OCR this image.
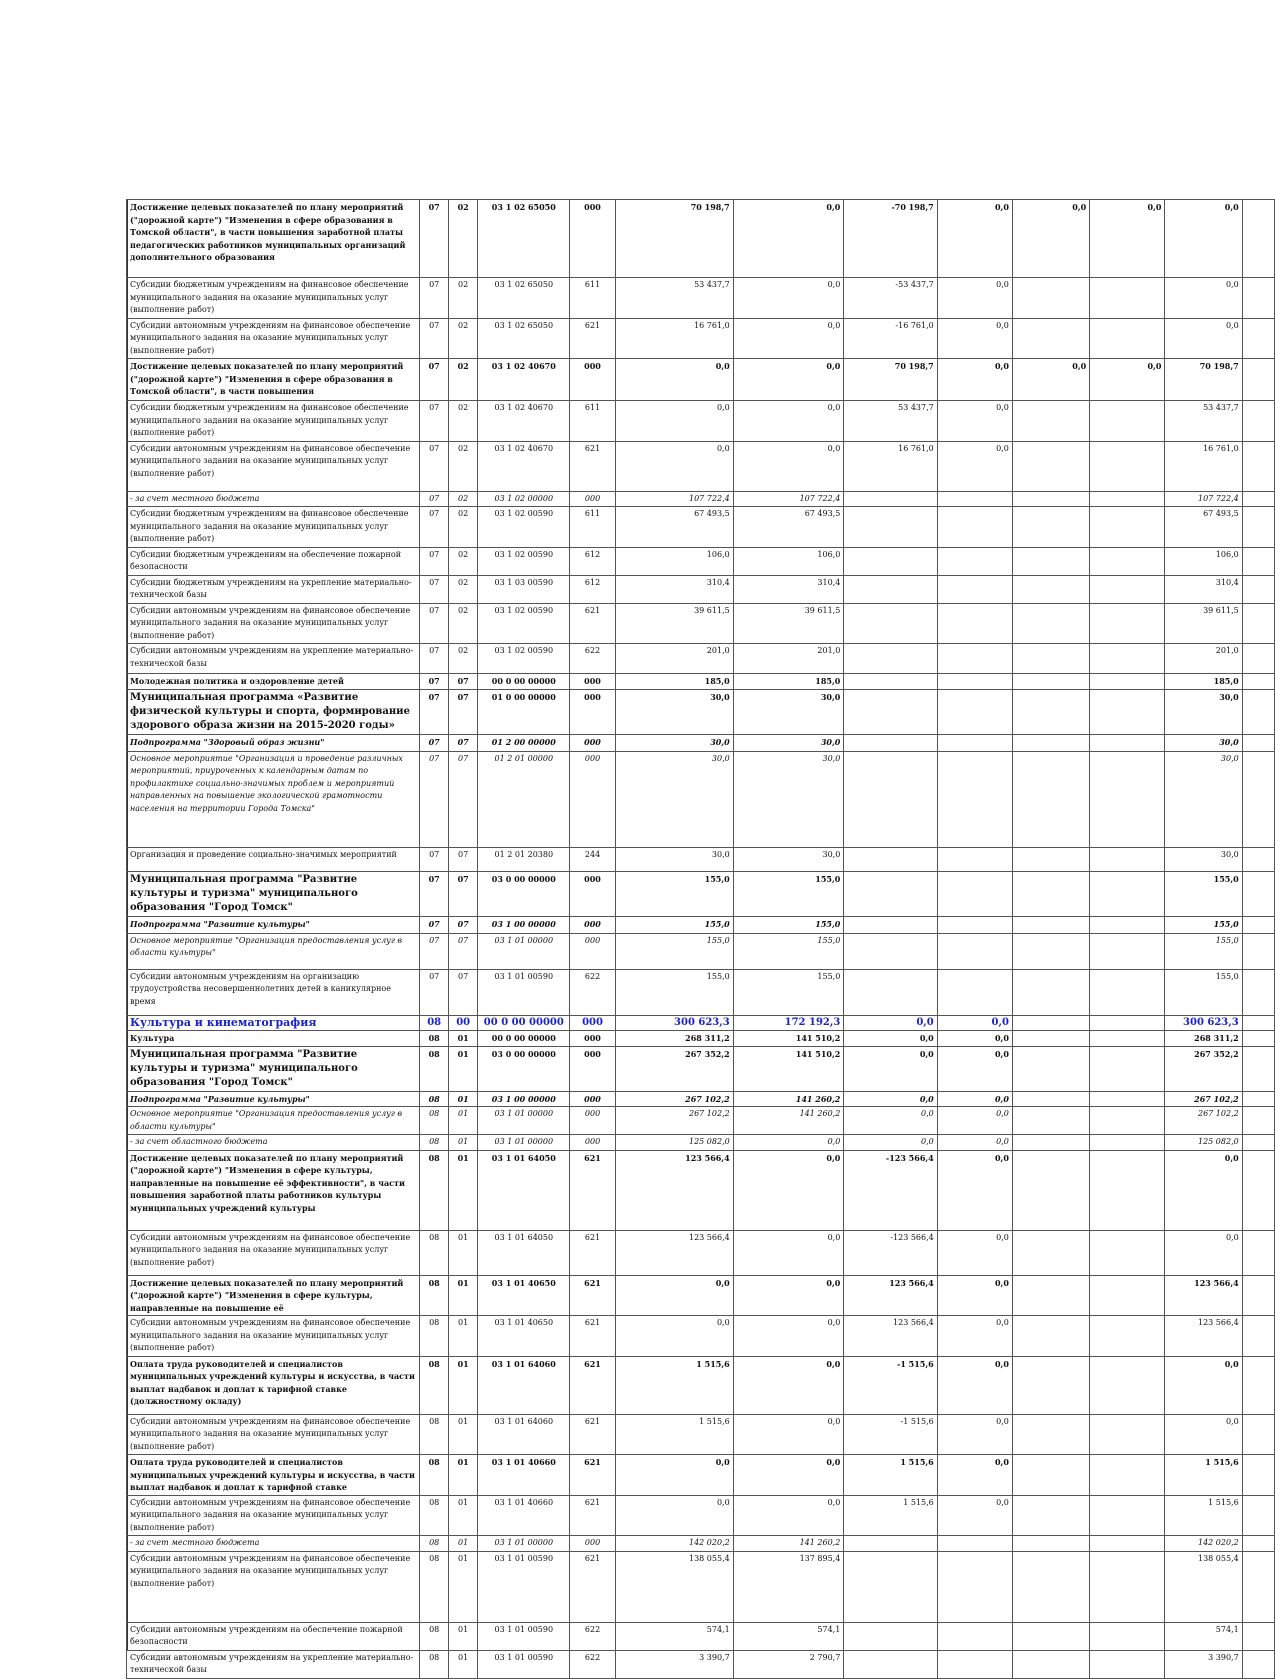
Достижение целевых показателей по плану мероприятий ("дорожной карте") "Изменения в сфере образования в Томской области", в части повышения заработной платы педагогических работников муниципальных организаций дополнительного образования	07	02	03 1 02 65050	000	70 198,7	0,0	-70 198,7	0,0	0,0	0,0	0,0	
Субсидии бюджетным учреждениям на финансовое обеспечение муниципального задания на оказание муниципальных услуг (выполнение работ)	07	02	03 1 02 65050	611	53 437,7	0,0	-53 437,7	0,0			0,0	
Субсидии автономным учреждениям на финансовое обеспечение муниципального задания на оказание муниципальных услуг (выполнение работ)	07	02	03 1 02 65050	621	16 761,0	0,0	-16 761,0	0,0			0,0	
Достижение целевых показателей по плану мероприятий ("дорожной карте") "Изменения в сфере образования в Томской области", в части повышения	07	02	03 1 02 40670	000	0,0	0,0	70 198,7	0,0	0,0	0,0	70 198,7	
Субсидии бюджетным учреждениям на финансовое обеспечение муниципального задания на оказание муниципальных услуг (выполнение работ)	07	02	03 1 02 40670	611	0,0	0,0	53 437,7	0,0			53 437,7	
Субсидии автономным учреждениям на финансовое обеспечение муниципального задания на оказание муниципальных услуг (выполнение работ)	07	02	03 1 02 40670	621	0,0	0,0	16 761,0	0,0			16 761,0	
- за счет местного бюджета	07	02	03 1 02 00000	000	107 722,4	107 722,4					107 722,4	
Субсидии бюджетным учреждениям на финансовое обеспечение муниципального задания на оказание муниципальных услуг (выполнение работ)	07	02	03 1 02 00590	611	67 493,5	67 493,5					67 493,5	
Субсидии бюджетным учреждениям на обеспечение пожарной безопасности	07	02	03 1 02 00590	612	106,0	106,0					106,0	
Субсидии бюджетным учреждениям на укрепление материально-технической базы	07	02	03 1 03 00590	612	310,4	310,4					310,4	
Субсидии автономным учреждениям на финансовое обеспечение муниципального задания на оказание муниципальных услуг (выполнение работ)	07	02	03 1 02 00590	621	39 611,5	39 611,5					39 611,5	
Субсидии автономным учреждениям на укрепление материально-технической базы	07	02	03 1 02 00590	622	201,0	201,0					201,0	
Молодежная политика и оздоровление детей	07	07	00 0 00 00000	000	185,0	185,0					185,0	
Муниципальная программа «Развитие физической культуры и спорта, формирование здорового образа жизни на 2015-2020 годы»	07	07	01 0 00 00000	000	30,0	30,0					30,0	
Подпрограмма "Здоровый образ жизни"	07	07	01 2 00 00000	000	30,0	30,0					30,0	
Основное мероприятие "Организация и проведение различных мероприятий, приуроченных к календарным датам по профилактике социально-значимых проблем и мероприятий направленных на повышение экологической грамотности населения на территории Города Томска"	07	07	01 2 01 00000	000	30,0	30,0					30,0	
Организация и проведение социально-значимых мероприятий	07	07	01 2 01 20380	244	30,0	30,0					30,0	
Муниципальная программа "Развитие культуры и туризма" муниципального образования "Город Томск"	07	07	03 0 00 00000	000	155,0	155,0					155,0	
Подпрограмма "Развитие культуры"	07	07	03 1 00 00000	000	155,0	155,0					155,0	
Основное мероприятие "Организация предоставления услуг в области культуры"	07	07	03 1 01 00000	000	155,0	155,0					155,0	
Субсидии автономным учреждениям на организацию трудоустройства несовершеннолетних детей в каникулярное время	07	07	03 1 01 00590	622	155,0	155,0					155,0	
Культура и кинематография	08	00	00 0 00 00000	000	300 623,3	172 192,3	0,0	0,0			300 623,3	
Культура	08	01	00 0 00 00000	000	268 311,2	141 510,2	0,0	0,0			268 311,2	
Муниципальная программа "Развитие культуры и туризма" муниципального образования "Город Томск"	08	01	03 0 00 00000	000	267 352,2	141 510,2	0,0	0,0			267 352,2	
Подпрограмма "Развитие культуры"	08	01	03 1 00 00000	000	267 102,2	141 260,2	0,0	0,0			267 102,2	
Основное мероприятие "Организация предоставления услуг в области культуры"	08	01	03 1 01 00000	000	267 102,2	141 260,2	0,0	0,0			267 102,2	
- за счет областного бюджета	08	01	03 1 01 00000	000	125 082,0	0,0	0,0	0,0			125 082,0	
Достижение целевых показателей по плану мероприятий ("дорожной карте") "Изменения в сфере культуры, направленные на повышение её эффективности", в части повышения заработной платы работников культуры муниципальных учреждений культуры	08	01	03 1 01 64050	621	123 566,4	0,0	-123 566,4	0,0			0,0	
Субсидии автономным учреждениям на финансовое обеспечение муниципального задания на оказание муниципальных услуг (выполнение работ)	08	01	03 1 01 64050	621	123 566,4	0,0	-123 566,4	0,0			0,0	
Достижение целевых показателей по плану мероприятий ("дорожной карте") "Изменения в сфере культуры, направленные на повышение её	08	01	03 1 01 40650	621	0,0	0,0	123 566,4	0,0			123 566,4	
Субсидии автономным учреждениям на финансовое обеспечение муниципального задания на оказание муниципальных услуг (выполнение работ)	08	01	03 1 01 40650	621	0,0	0,0	123 566,4	0,0			123 566,4	
Оплата труда руководителей и специалистов муниципальных учреждений культуры и искусства, в части выплат надбавок и доплат к тарифной ставке (должностному окладу)	08	01	03 1 01 64060	621	1 515,6	0,0	-1 515,6	0,0			0,0	
Субсидии автономным учреждениям на финансовое обеспечение муниципального задания на оказание муниципальных услуг (выполнение работ)	08	01	03 1 01 64060	621	1 515,6	0,0	-1 515,6	0,0			0,0	
Оплата труда руководителей и специалистов муниципальных учреждений культуры и искусства, в части выплат надбавок и доплат к тарифной ставке	08	01	03 1 01 40660	621	0,0	0,0	1 515,6	0,0			1 515,6	
Субсидии автономным учреждениям на финансовое обеспечение муниципального задания на оказание муниципальных услуг (выполнение работ)	08	01	03 1 01 40660	621	0,0	0,0	1 515,6	0,0			1 515,6	
- за счет местного бюджета	08	01	03 1 01 00000	000	142 020,2	141 260,2					142 020,2	
Субсидии автономным учреждениям на финансовое обеспечение муниципального задания на оказание муниципальных услуг (выполнение работ)	08	01	03 1 01 00590	621	138 055,4	137 895,4					138 055,4	
Субсидии автономным учреждениям на обеспечение пожарной безопасности	08	01	03 1 01 00590	622	574,1	574,1					574,1	
Субсидии автономным учреждениям на укрепление материально-технической базы	08	01	03 1 01 00590	622	3 390,7	2 790,7					3 390,7	
